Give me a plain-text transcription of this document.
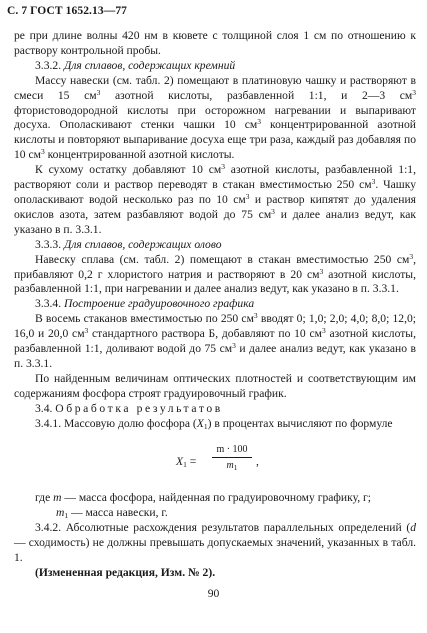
С. 7 ГОСТ 1652.13—77

ре при длине волны 420 нм в кювете с толщиной слоя 1 см по отношению к раствору контрольной пробы.

3.3.2. Для сплавов, содержащих кремний

Массу навески (см. табл. 2) помещают в платиновую чашку и растворяют в смеси 15 $см^3$ азотной кислоты, разбавленной 1:1, и 2—3 $см^3$ фтористоводородной кислоты при осторожном нагревании и выпаривают досуха. Ополаскивают стенки чашки 10 $см^3$ концентрированной азотной кислоты и повторяют выпаривание досуха еще три раза, каждый раз добавляя по 10 $см^3$ концентрированной азотной кислоты.

К сухому остатку добавляют 10 $см^3$ азотной кислоты, разбавленной 1:1, растворяют соли и раствор переводят в стакан вместимостью 250 $см^3$. Чашку ополаскивают водой несколько раз по 10 $см^3$ и раствор кипятят до удаления окислов азота, затем разбавляют водой до 75 $см^3$ и далее анализ ведут, как указано в п. 3.3.1.

3.3.3. Для сплавов, содержащих олово

Навеску сплава (см. табл. 2) помещают в стакан вместимостью 250 $см^3$, прибавляют 0,2 г хлористого натрия и растворяют в 20 $см^3$ азотной кислоты, разбавленной 1:1, при нагревании и далее анализ ведут, как указано в п. 3.3.1.

3.3.4. Построение градуировочного графика

В восемь стаканов вместимостью по 250 $см^3$ вводят 0; 1,0; 2,0; 4,0; 8,0; 12,0; 16,0 и 20,0 $см^3$ стандартного раствора Б, добавляют по 10 $см^3$ азотной кислоты, разбавленной 1:1, доливают водой до 75 $см^3$ и далее анализ ведут, как указано в п. 3.3.1.

По найденным величинам оптических плотностей и соответствующим им содержаниям фосфора строят градуировочный график.

3.4. Обработка результатов

3.4.1. Массовую долю фосфора $(X_1)$ в процентах вычисляют по формуле

$X_1$ =
m · 100
$m_1$	,

где m — масса фосфора, найденная по градуировочному графику, г;

$m_1$ — масса навески, г.

3.4.2. Абсолютные расхождения результатов параллельных определений (d — сходимость) не должны превышать допускаемых значений, указанных в табл. 1.

(Измененная редакция, Изм. № 2).

90
